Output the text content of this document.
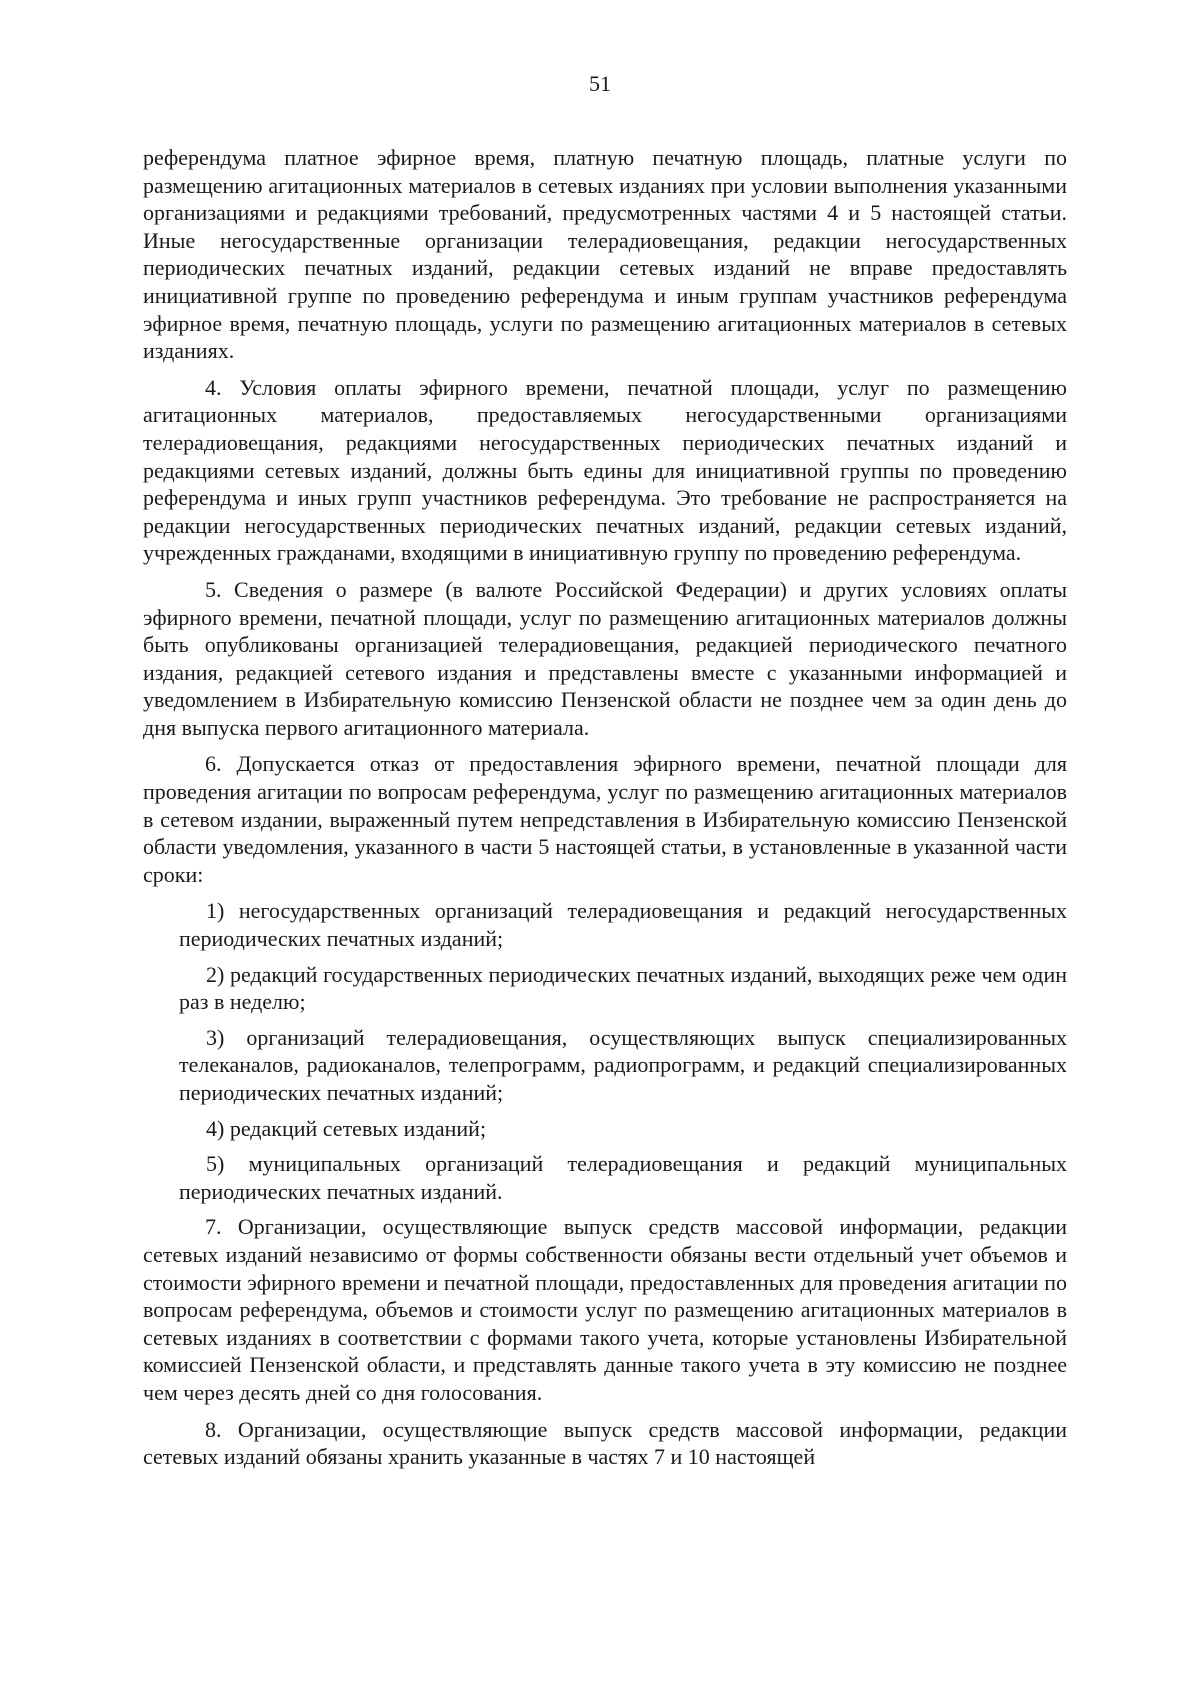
51

референдума платное эфирное время, платную печатную площадь, платные услуги по размещению агитационных материалов в сетевых изданиях при условии выполнения указанными организациями и редакциями требований, предусмотренных частями 4 и 5 настоящей статьи. Иные негосударственные организации телерадиовещания, редакции негосударственных периодических печатных изданий, редакции сетевых изданий не вправе предоставлять инициативной группе по проведению референдума и иным группам участников референдума эфирное время, печатную площадь, услуги по размещению агитационных материалов в сетевых изданиях.

4. Условия оплаты эфирного времени, печатной площади, услуг по размещению агитационных материалов, предоставляемых негосударственными организациями телерадиовещания, редакциями негосударственных периодических печатных изданий и редакциями сетевых изданий, должны быть едины для инициативной группы по проведению референдума и иных групп участников референдума. Это требование не распространяется на редакции негосударственных периодических печатных изданий, редакции сетевых изданий, учрежденных гражданами, входящими в инициативную группу по проведению референдума.

5. Сведения о размере (в валюте Российской Федерации) и других условиях оплаты эфирного времени, печатной площади, услуг по размещению агитационных материалов должны быть опубликованы организацией телерадиовещания, редакцией периодического печатного издания, редакцией сетевого издания и представлены вместе с указанными информацией и уведомлением в Избирательную комиссию Пензенской области не позднее чем за один день до дня выпуска первого агитационного материала.

6. Допускается отказ от предоставления эфирного времени, печатной площади для проведения агитации по вопросам референдума, услуг по размещению агитационных материалов в сетевом издании, выраженный путем непредставления в Избирательную комиссию Пензенской области уведомления, указанного в части 5 настоящей статьи, в установленные в указанной части сроки:

1) негосударственных организаций телерадиовещания и редакций негосударственных периодических печатных изданий;

2) редакций государственных периодических печатных изданий, выходящих реже чем один раз в неделю;

3) организаций телерадиовещания, осуществляющих выпуск специализированных телеканалов, радиоканалов, телепрограмм, радиопрограмм, и редакций специализированных периодических печатных изданий;

4) редакций сетевых изданий;

5) муниципальных организаций телерадиовещания и редакций муниципальных периодических печатных изданий.

7. Организации, осуществляющие выпуск средств массовой информации, редакции сетевых изданий независимо от формы собственности обязаны вести отдельный учет объемов и стоимости эфирного времени и печатной площади, предоставленных для проведения агитации по вопросам референдума, объемов и стоимости услуг по размещению агитационных материалов в сетевых изданиях в соответствии с формами такого учета, которые установлены Избирательной комиссией Пензенской области, и представлять данные такого учета в эту комиссию не позднее чем через десять дней со дня голосования.

8. Организации, осуществляющие выпуск средств массовой информации, редакции сетевых изданий обязаны хранить указанные в частях 7 и 10 настоящей
